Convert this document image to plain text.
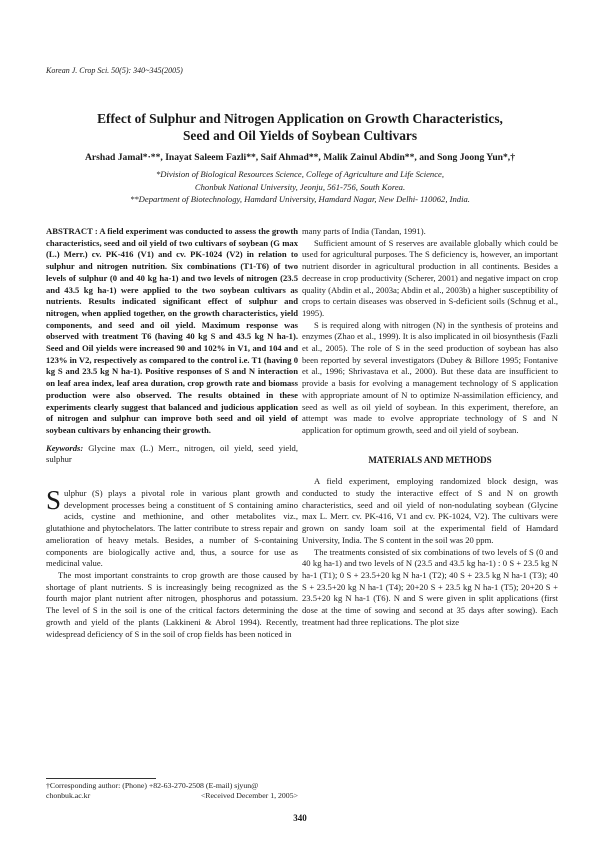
Korean J. Crop Sci. 50(5): 340~345(2005)
Effect of Sulphur and Nitrogen Application on Growth Characteristics,
Seed and Oil Yields of Soybean Cultivars
Arshad Jamal*·**, Inayat Saleem Fazli**, Saif Ahmad**, Malik Zainul Abdin**, and Song Joong Yun*,†
*Division of Biological Resources Science, College of Agriculture and Life Science,
Chonbuk National University, Jeonju, 561-756, South Korea.
**Department of Biotechnology, Hamdard University, Hamdard Nagar, New Delhi- 110062, India.

ABSTRACT : A field experiment was conducted to assess the growth characteristics, seed and oil yield of two cultivars of soybean (G max (L.) Merr.) cv. PK-416 (V1) and cv. PK-1024 (V2) in relation to sulphur and nitrogen nutrition. Six combinations (T1-T6) of two levels of sulphur (0 and 40 kg ha-1) and two levels of nitrogen (23.5 and 43.5 kg ha-1) were applied to the two soybean cultivars as nutrients. Results indicated significant effect of sulphur and nitrogen, when applied together, on the growth characteristics, yield components, and seed and oil yield. Maximum response was observed with treatment T6 (having 40 kg S and 43.5 kg N ha-1). Seed and Oil yields were increased 90 and 102% in V1, and 104 and 123% in V2, respectively as compared to the control i.e. T1 (having 0 kg S and 23.5 kg N ha-1). Positive responses of S and N interaction on leaf area index, leaf area duration, crop growth rate and biomass production were also observed. The results obtained in these experiments clearly suggest that balanced and judicious application of nitrogen and sulphur can improve both seed and oil yield of soybean cultivars by enhancing their growth.

Keywords: Glycine max (L.) Merr., nitrogen, oil yield, seed yield, sulphur

Sulphur (S) plays a pivotal role in various plant growth and development processes being a constituent of S containing amino acids, cystine and methionine, and other metabolites viz., glutathione and phytochelators. The latter contribute to stress repair and amelioration of heavy metals. Besides, a number of S-containing components are biologically active and, thus, a source for use as medicinal value.

The most important constraints to crop growth are those caused by shortage of plant nutrients. S is increasingly being recognized as the fourth major plant nutrient after nitrogen, phosphorus and potassium. The level of S in the soil is one of the critical factors determining the growth and yield of the plants (Lakkineni & Abrol 1994). Recently, widespread deficiency of S in the soil of crop fields has been noticed in

many parts of India (Tandan, 1991).

Sufficient amount of S reserves are available globally which could be used for agricultural purposes. The S deficiency is, however, an important nutrient disorder in agricultural production in all continents. Besides a decrease in crop productivity (Scherer, 2001) and negative impact on crop quality (Abdin et al., 2003a; Abdin et al., 2003b) a higher susceptibility of crops to certain diseases was observed in S-deficient soils (Schnug et al., 1995).

S is required along with nitrogen (N) in the synthesis of proteins and enzymes (Zhao et al., 1999). It is also implicated in oil biosynthesis (Fazli et al., 2005). The role of S in the seed production of soybean has also been reported by several investigators (Dubey & Billore 1995; Fontanive et al., 1996; Shrivastava et al., 2000). But these data are insufficient to provide a basis for evolving a management technology of S application with appropriate amount of N to optimize N-assimilation efficiency, and seed as well as oil yield of soybean. In this experiment, therefore, an attempt was made to evolve appropriate technology of S and N application for optimum growth, seed and oil yield of soybean.

MATERIALS AND METHODS

A field experiment, employing randomized block design, was conducted to study the interactive effect of S and N on growth characteristics, seed and oil yield of non-nodulating soybean (Glycine max L. Merr. cv. PK-416, V1 and cv. PK-1024, V2). The cultivars were grown on sandy loam soil at the experimental field of Hamdard University, India. The S content in the soil was 20 ppm.

The treatments consisted of six combinations of two levels of S (0 and 40 kg ha-1) and two levels of N (23.5 and 43.5 kg ha-1) : 0 S + 23.5 kg N ha-1 (T1); 0 S + 23.5+20 kg N ha-1 (T2); 40 S + 23.5 kg N ha-1 (T3); 40 S + 23.5+20 kg N ha-1 (T4); 20+20 S + 23.5 kg N ha-1 (T5); 20+20 S + 23.5+20 kg N ha-1 (T6). N and S were given in split applications (first dose at the time of sowing and second at 35 days after sowing). Each treatment had three replications. The plot size

†Corresponding author: (Phone) +82-63-270-2508 (E-mail) sjyun@
chonbuk.ac.kr	<Received December 1, 2005>
340
